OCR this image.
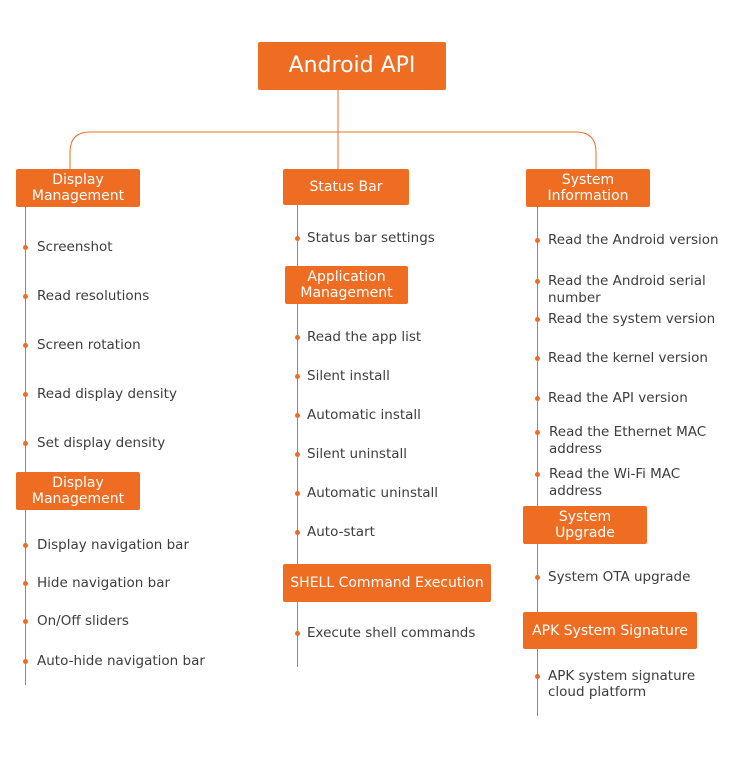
Android API
Display
Management
Display
Management
Status Bar
Application
Management
SHELL Command Execution
System
Information
System
Upgrade
APK System Signature
Screenshot
Read resolutions
Screen rotation
Read display density
Set display density
Display navigation bar
Hide navigation bar
On/Off sliders
Auto-hide navigation bar
Status bar settings
Read the app list
Silent install
Automatic install
Silent uninstall
Automatic uninstall
Auto-start
Execute shell commands
Read the Android version
Read the Android serial
number
Read the system version
Read the kernel version
Read the API version
Read the Ethernet MAC
address
Read the Wi-Fi MAC
address
System OTA upgrade
APK system signature
cloud platform
